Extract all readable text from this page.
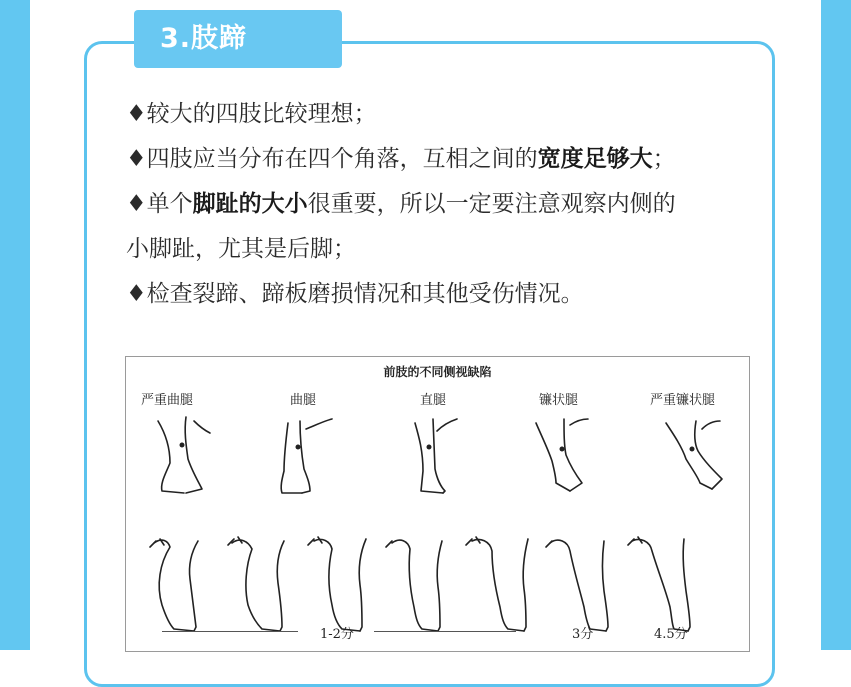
3.肢蹄

♦较大的四肢比较理想；

♦四肢应当分布在四个角落，互相之间的宽度足够大；

♦单个脚趾的大小很重要，所以一定要注意观察内侧的

小脚趾，尤其是后脚；

♦检查裂蹄、蹄板磨损情况和其他受伤情况。

前肢的不同侧视缺陷
严重曲腿	曲腿	直腿	镰状腿	严重镰状腿
1-2分	3分	4.5分
